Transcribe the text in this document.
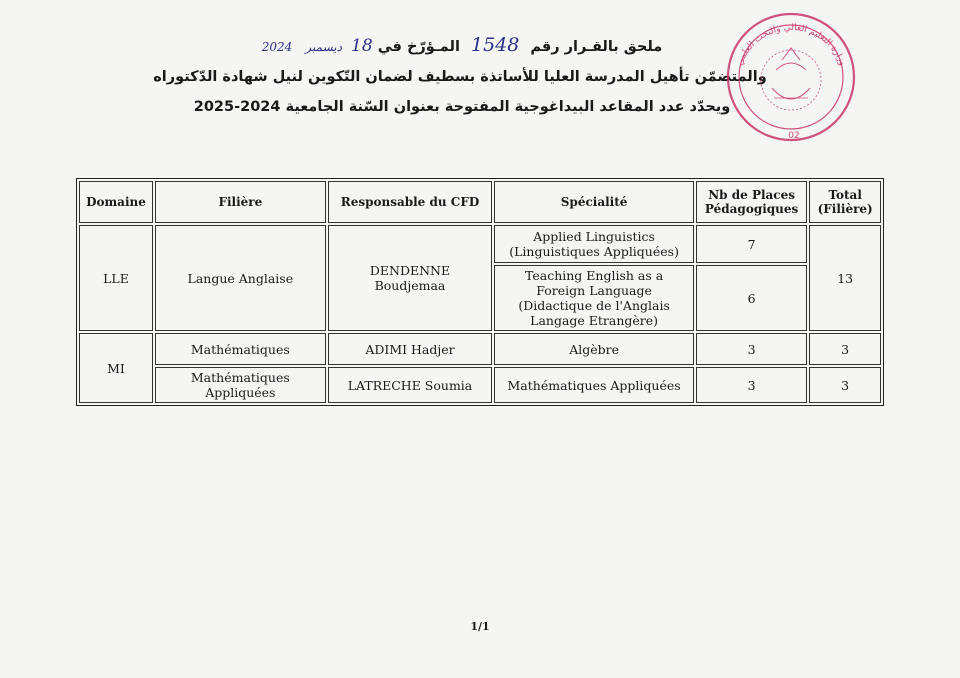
ملحق بالقـرار رقم 1548 المـؤرّخ في 18 ديسمبر 2024
والمتضمّن تأهيل المدرسة العليا للأساتذة بسطيف لضمان التّكوين لنيل شهادة الدّكتوراه
ويحدّد عدد المقاعد البيداغوجية المفتوحة بعنوان السّنة الجامعية 2025-2024
وزارة التعليم العالي والبحث العلمي
02
Domaine	Filière	Responsable du CFD	Spécialité	Nb de Places Pédagogiques	Total (Filière)
LLE	Langue Anglaise	DENDENNE Boudjemaa	Applied Linguistics (Linguistiques Appliquées)	7	13
			Teaching English as a Foreign Language (Didactique de l'Anglais Langage Etrangère)	6	
MI	Mathématiques	ADIMI Hadjer	Algèbre	3	3
	Mathématiques Appliquées	LATRECHE Soumia	Mathématiques Appliquées	3	3
1/1
